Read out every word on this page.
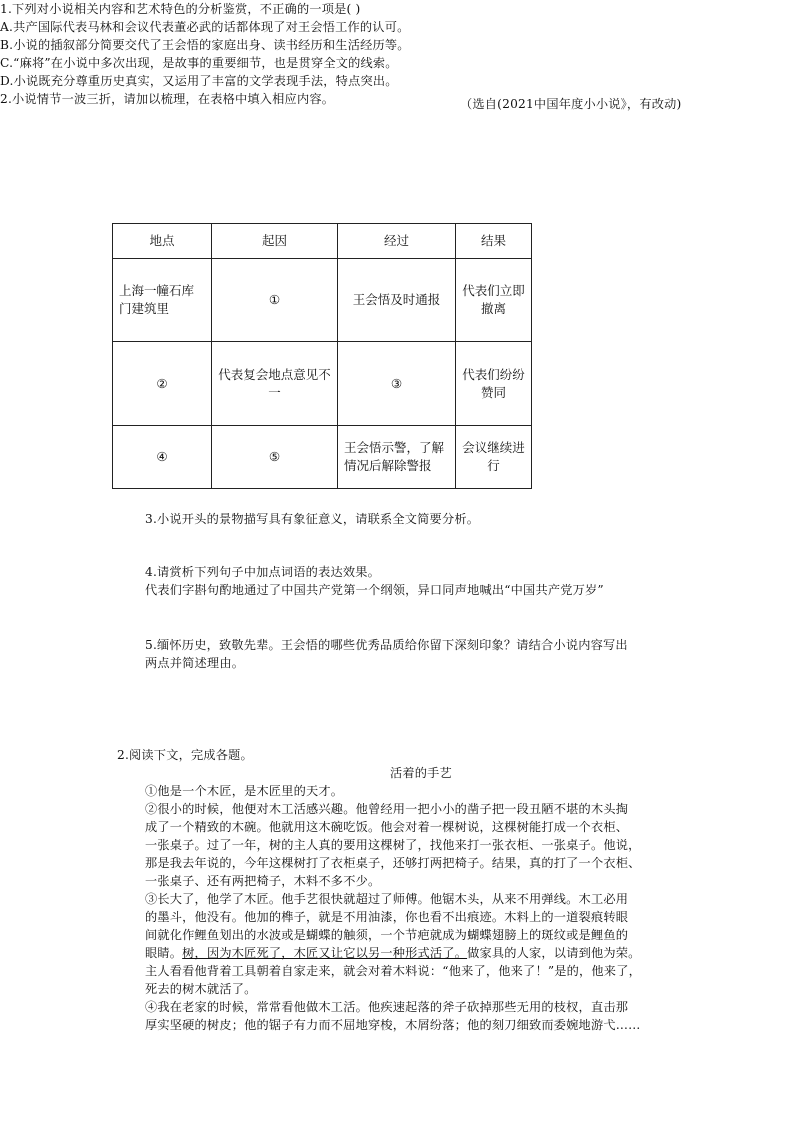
（选自(2021中国年度小小说》，有改动)
1.下列对小说相关内容和艺术特色的分析鉴赏，不正确的一项是( )
A.共产国际代表马林和会议代表董必武的话都体现了对王会悟工作的认可。
B.小说的插叙部分简要交代了王会悟的家庭出身、读书经历和生活经历等。
C.“麻将”在小说中多次出现，是故事的重要细节，也是贯穿全文的线索。
D.小说既充分尊重历史真实，又运用了丰富的文学表现手法，特点突出。
2.小说情节一波三折，请加以梳理，在表格中填入相应内容。
地点	起因	经过	结果
上海一幢石库门建筑里	①	王会悟及时通报	代表们立即撤离
②	代表复会地点意见不一	③	代表们纷纷赞同
④	⑤	王会悟示警，了解情况后解除警报	会议继续进行
3.小说开头的景物描写具有象征意义，请联系全文简要分析。
4.请赏析下列句子中加点词语的表达效果。
代表们字斟句酌地通过了中国共产党第一个纲领，异口同声地喊出“中国共产党万岁”
5.缅怀历史，致敬先辈。王会悟的哪些优秀品质给你留下深刻印象？请结合小说内容写出
两点并简述理由。
2.阅读下文，完成各题。
活着的手艺
①他是一个木匠，是木匠里的天才。
②很小的时候，他便对木工活感兴趣。他曾经用一把小小的凿子把一段丑陋不堪的木头掏
成了一个精致的木碗。他就用这木碗吃饭。他会对着一棵树说，这棵树能打成一个衣柜、
一张桌子。过了一年，树的主人真的要用这棵树了，找他来打一张衣柜、一张桌子。他说，
那是我去年说的，今年这棵树打了衣柜桌子，还够打两把椅子。结果，真的打了一个衣柜、
一张桌子、还有两把椅子，木料不多不少。
③长大了，他学了木匠。他手艺很快就超过了师傅。他锯木头，从来不用弹线。木工必用
的墨斗，他没有。他加的榫子，就是不用油漆，你也看不出痕迹。木料上的一道裂痕转眼
间就化作鲤鱼划出的水波或是蝴蝶的触须，一个节疤就成为蝴蝶翅膀上的斑纹或是鲤鱼的
眼睛。树，因为木匠死了，木匠又让它以另一种形式活了。做家具的人家，以请到他为荣。
主人看看他背着工具朝着自家走来，就会对着木料说：“他来了，他来了！”是的，他来了，
死去的树木就活了。
④我在老家的时候，常常看他做木工活。他疾速起落的斧子砍掉那些无用的枝杈，直击那
厚实坚硬的树皮；他的锯子有力而不屈地穿梭，木屑纷落；他的刻刀细致而委婉地游弋……
